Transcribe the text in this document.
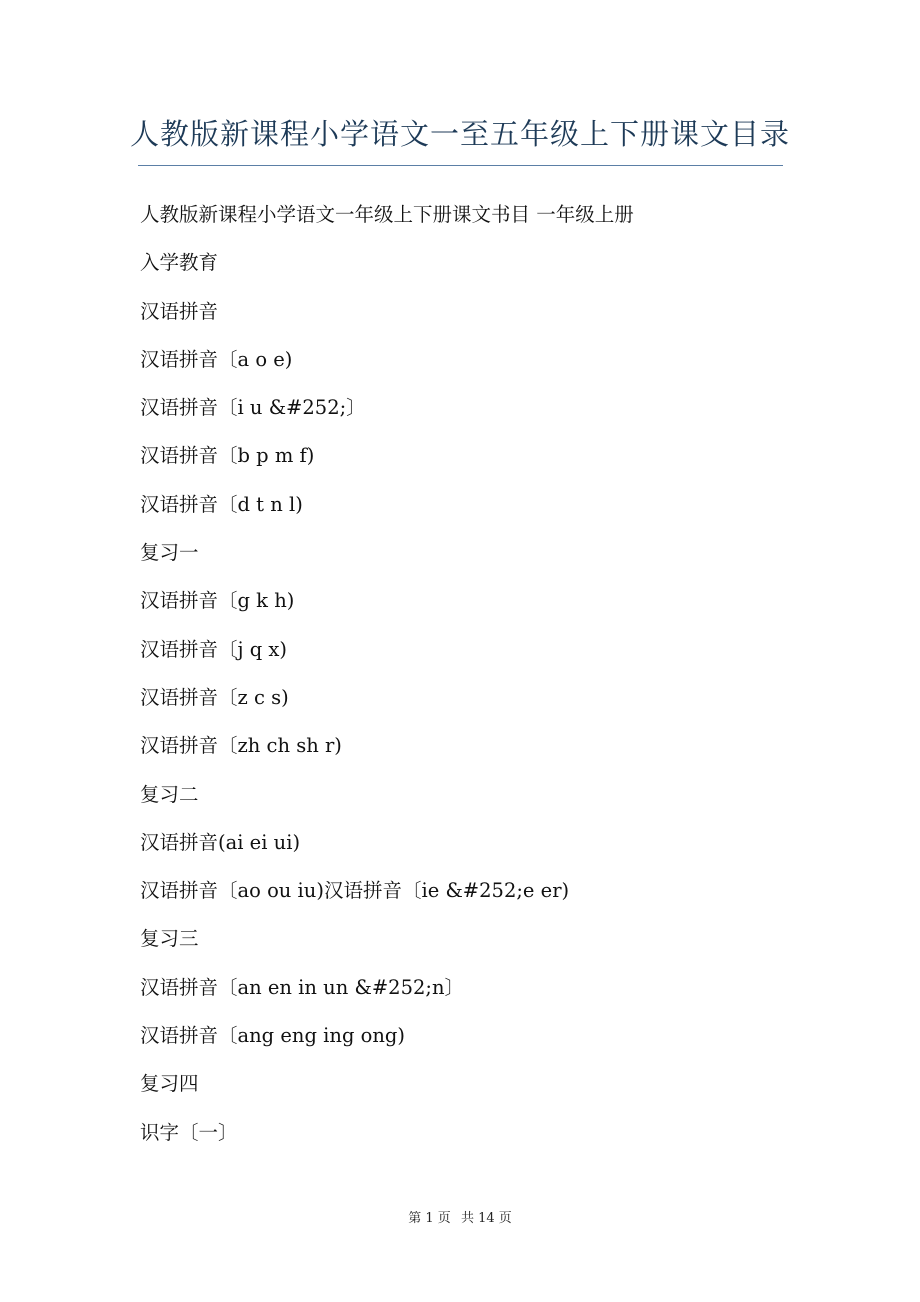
人教版新课程小学语文一至五年级上下册课文目录
人教版新课程小学语文一年级上下册课文书目 一年级上册
入学教育
汉语拼音
汉语拼音〔a o e)
汉语拼音〔i u &#252;〕
汉语拼音〔b p m f)
汉语拼音〔d t n l)
复习一
汉语拼音〔g k h)
汉语拼音〔j q x)
汉语拼音〔z c s)
汉语拼音〔zh ch sh r)
复习二
汉语拼音(ai ei ui)
汉语拼音〔ao ou iu)汉语拼音〔ie &#252;e er)
复习三
汉语拼音〔an en in un &#252;n〕
汉语拼音〔ang eng ing ong)
复习四
识字〔一〕
第 1 页 共 14 页
